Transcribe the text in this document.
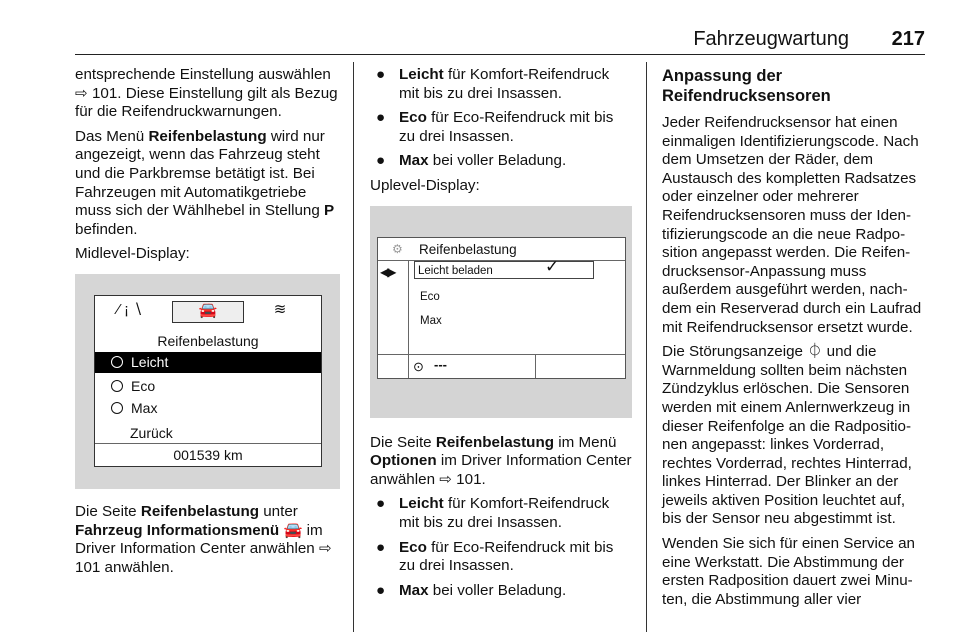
Fahrzeugwartung 217

entsprechende Einstellung auswählen ⇨ 101. Diese Einstellung gilt als Bezug für die Reifendruckwarnungen.

Das Menü Reifenbelastung wird nur angezeigt, wenn das Fahrzeug steht und die Parkbremse betätigt ist. Bei Fahrzeugen mit Automatikgetriebe muss sich der Wählhebel in Stellung P befinden.

Midlevel-Display:

⁄ ¡ ∖	🚘	≋
Reifenbelastung
Leicht
Eco
Max
Zurück
001539 km

Die Seite Reifenbelastung unter Fahrzeug Informationsmenü 🚘 im Driver Information Center anwählen ⇨ 101 anwählen.

● Leicht für Komfort-Reifendruck mit bis zu drei Insassen.
● Eco für Eco-Reifendruck mit bis zu drei Insassen.
● Max bei voller Beladung.

Uplevel-Display:

⚙ Reifenbelastung
◀▶	Leicht beladen	✓
Eco
Max
⊙ ---

Die Seite Reifenbelastung im Menü Optionen im Driver Information Center anwählen ⇨ 101.

● Leicht für Komfort-Reifendruck mit bis zu drei Insassen.
● Eco für Eco-Reifendruck mit bis zu drei Insassen.
● Max bei voller Beladung.
Anpassung der Reifendrucksensoren

Jeder Reifendrucksensor hat einen einmaligen Identifizierungscode. Nach dem Umsetzen der Räder, dem Austausch des kompletten Radsatzes oder einzelner oder mehrerer Reifendrucksensoren muss der Identifizierungscode an die neue Radposition angepasst werden. Die Reifendrucksensor-Anpassung muss außerdem ausgeführt werden, nachdem ein Reserverad durch ein Laufrad mit Reifendrucksensor ersetzt wurde.

Die Störungsanzeige ⏀ und die Warnmeldung sollten beim nächsten Zündzyklus erlöschen. Die Sensoren werden mit einem Anlernwerkzeug in dieser Reifenfolge an die Radpositionen angepasst: linkes Vorderrad, rechtes Vorderrad, rechtes Hinterrad, linkes Hinterrad. Der Blinker an der jeweils aktiven Position leuchtet auf, bis der Sensor neu abgestimmt ist.

Wenden Sie sich für einen Service an eine Werkstatt. Die Abstimmung der ersten Radposition dauert zwei Minuten, die Abstimmung aller vier
